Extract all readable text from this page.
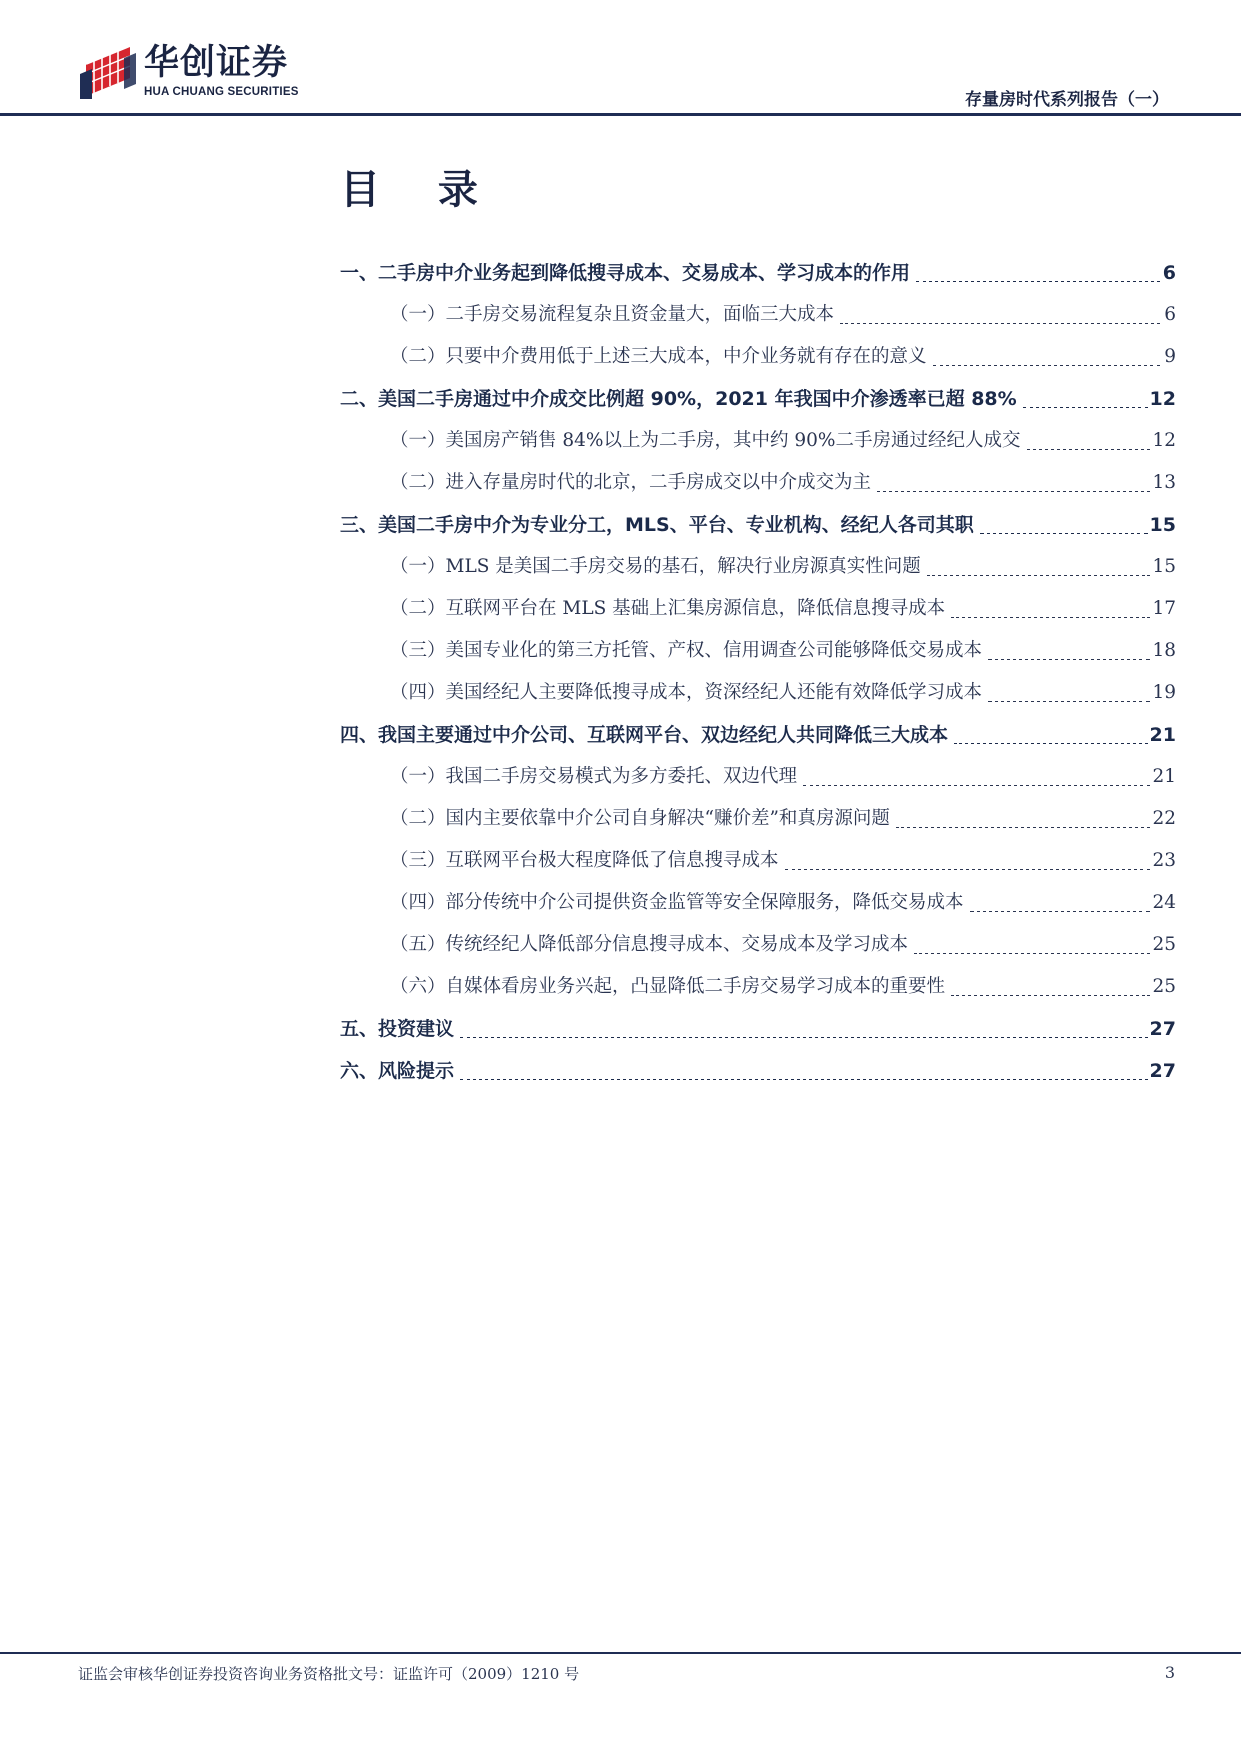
华创证券
HUA CHUANG SECURITIES	存量房时代系列报告（一）
目 录
一、二手房中介业务起到降低搜寻成本、交易成本、学习成本的作用	6
（一）二手房交易流程复杂且资金量大，面临三大成本	6
（二）只要中介费用低于上述三大成本，中介业务就有存在的意义	9
二、美国二手房通过中介成交比例超 90%，2021 年我国中介渗透率已超 88%	12
（一）美国房产销售 84%以上为二手房，其中约 90%二手房通过经纪人成交	12
（二）进入存量房时代的北京，二手房成交以中介成交为主	13
三、美国二手房中介为专业分工，MLS、平台、专业机构、经纪人各司其职	15
（一）MLS 是美国二手房交易的基石，解决行业房源真实性问题	15
（二）互联网平台在 MLS 基础上汇集房源信息，降低信息搜寻成本	17
（三）美国专业化的第三方托管、产权、信用调查公司能够降低交易成本	18
（四）美国经纪人主要降低搜寻成本，资深经纪人还能有效降低学习成本	19
四、我国主要通过中介公司、互联网平台、双边经纪人共同降低三大成本	21
（一）我国二手房交易模式为多方委托、双边代理	21
（二）国内主要依靠中介公司自身解决“赚价差”和真房源问题	22
（三）互联网平台极大程度降低了信息搜寻成本	23
（四）部分传统中介公司提供资金监管等安全保障服务，降低交易成本	24
（五）传统经纪人降低部分信息搜寻成本、交易成本及学习成本	25
（六）自媒体看房业务兴起，凸显降低二手房交易学习成本的重要性	25
五、投资建议	27
六、风险提示	27
证监会审核华创证券投资咨询业务资格批文号：证监许可（2009）1210 号	3
